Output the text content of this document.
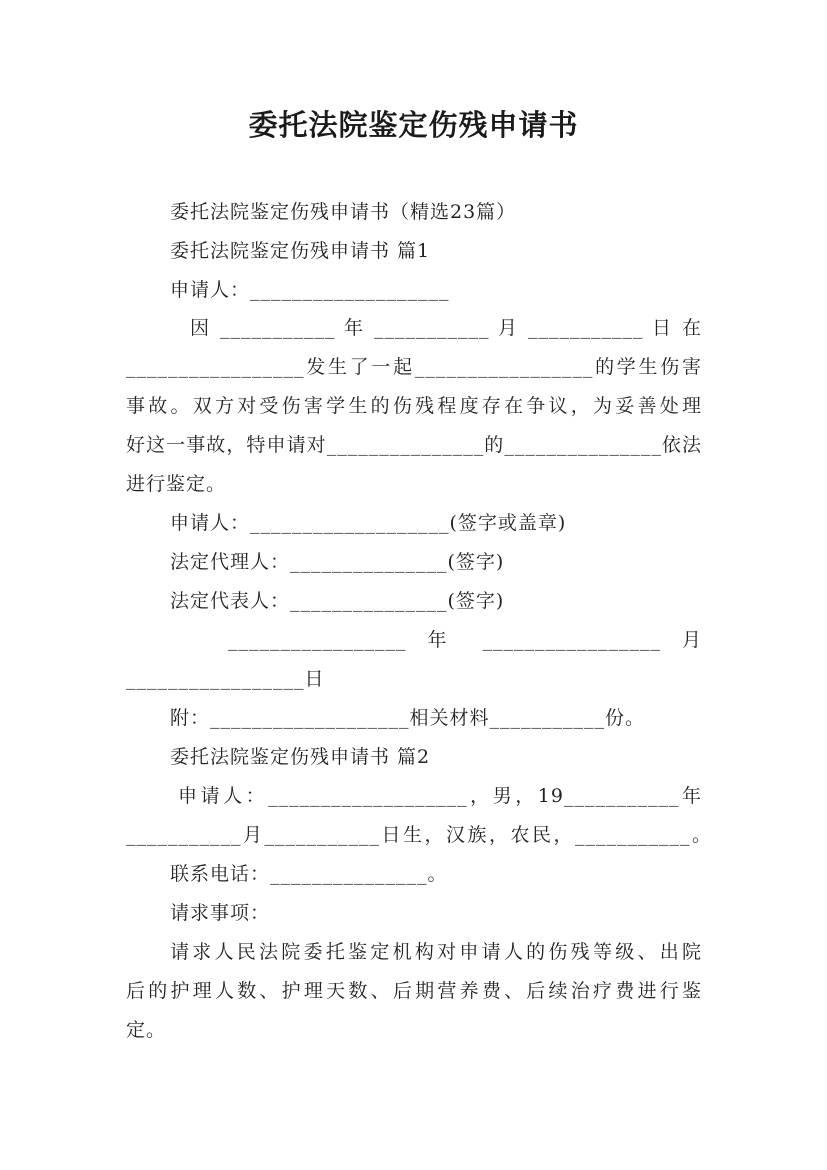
委托法院鉴定伤残申请书
委托法院鉴定伤残申请书（精选23篇）
委托法院鉴定伤残申请书 篇1
申请人：___________________
因 ___________ 年 ___________ 月 ___________ 日 在
_________________发生了一起_________________的学生伤害
事故。双方对受伤害学生的伤残程度存在争议，为妥善处理
好这一事故，特申请对_______________的_______________依法
进行鉴定。
申请人：___________________(签字或盖章)
法定代理人：_______________(签字)
法定代表人：_______________(签字)
_________________ 年 _________________ 月
_________________日
附：___________________相关材料___________份。
委托法院鉴定伤残申请书 篇2
申请人：___________________，男，19___________年
___________月___________日生，汉族，农民，___________。
联系电话：_______________。
请求事项：
请求人民法院委托鉴定机构对申请人的伤残等级、出院
后的护理人数、护理天数、后期营养费、后续治疗费进行鉴
定。
